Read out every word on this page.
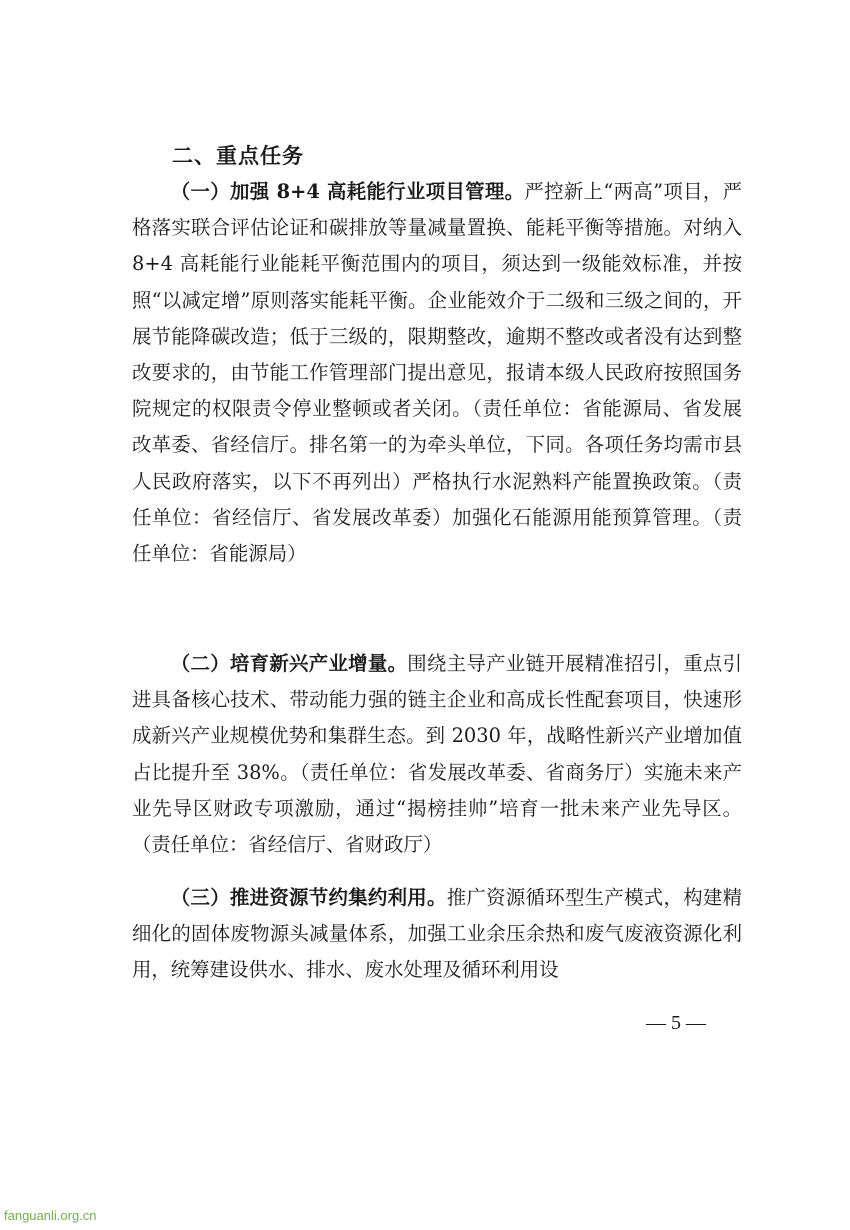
二、重点任务

（一）加强 8+4 高耗能行业项目管理。严控新上“两高”项目，严格落实联合评估论证和碳排放等量减量置换、能耗平衡等措施。对纳入 8+4 高耗能行业能耗平衡范围内的项目，须达到一级能效标准，并按照“以减定增”原则落实能耗平衡。企业能效介于二级和三级之间的，开展节能降碳改造；低于三级的，限期整改，逾期不整改或者没有达到整改要求的，由节能工作管理部门提出意见，报请本级人民政府按照国务院规定的权限责令停业整顿或者关闭。（责任单位：省能源局、省发展改革委、省经信厅。排名第一的为牵头单位，下同。各项任务均需市县人民政府落实，以下不再列出）严格执行水泥熟料产能置换政策。（责任单位：省经信厅、省发展改革委）加强化石能源用能预算管理。（责任单位：省能源局）

（二）培育新兴产业增量。围绕主导产业链开展精准招引，重点引进具备核心技术、带动能力强的链主企业和高成长性配套项目，快速形成新兴产业规模优势和集群生态。到 2030 年，战略性新兴产业增加值占比提升至 38%。（责任单位：省发展改革委、省商务厅）实施未来产业先导区财政专项激励，通过“揭榜挂帅”培育一批未来产业先导区。（责任单位：省经信厅、省财政厅）

（三）推进资源节约集约利用。推广资源循环型生产模式，构建精细化的固体废物源头减量体系，加强工业余压余热和废气废液资源化利用，统筹建设供水、排水、废水处理及循环利用设

— 5 —
fanguanli.org.cn
